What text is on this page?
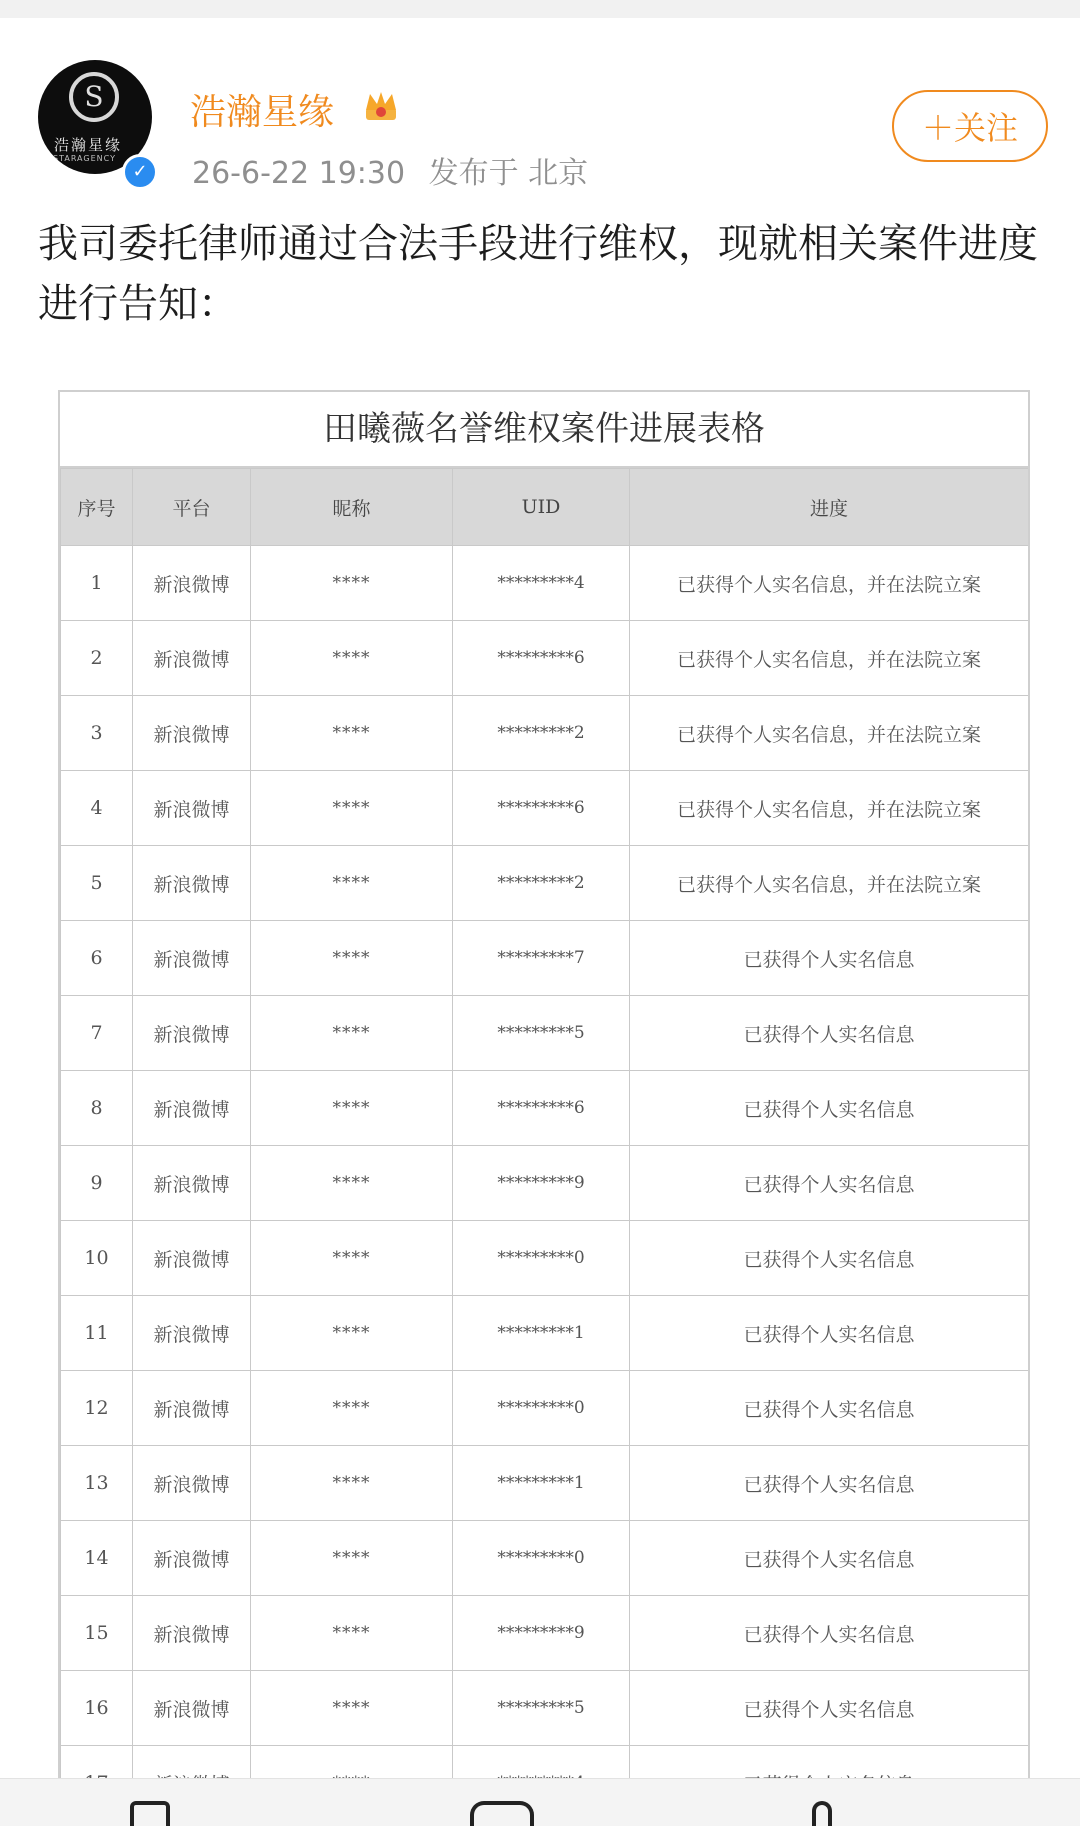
S
浩瀚星缘
STARAGENCY
✓
浩瀚星缘
26-6-22 19:30 发布于 北京
＋关注
我司委托律师通过合法手段进行维权，现就相关案件进度进行告知：
田曦薇名誉维权案件进展表格
序号	平台	昵称	UID	进度
1	新浪微博	****	*********4	已获得个人实名信息，并在法院立案
2	新浪微博	****	*********6	已获得个人实名信息，并在法院立案
3	新浪微博	****	*********2	已获得个人实名信息，并在法院立案
4	新浪微博	****	*********6	已获得个人实名信息，并在法院立案
5	新浪微博	****	*********2	已获得个人实名信息，并在法院立案
6	新浪微博	****	*********7	已获得个人实名信息
7	新浪微博	****	*********5	已获得个人实名信息
8	新浪微博	****	*********6	已获得个人实名信息
9	新浪微博	****	*********9	已获得个人实名信息
10	新浪微博	****	*********0	已获得个人实名信息
11	新浪微博	****	*********1	已获得个人实名信息
12	新浪微博	****	*********0	已获得个人实名信息
13	新浪微博	****	*********1	已获得个人实名信息
14	新浪微博	****	*********0	已获得个人实名信息
15	新浪微博	****	*********9	已获得个人实名信息
16	新浪微博	****	*********5	已获得个人实名信息
